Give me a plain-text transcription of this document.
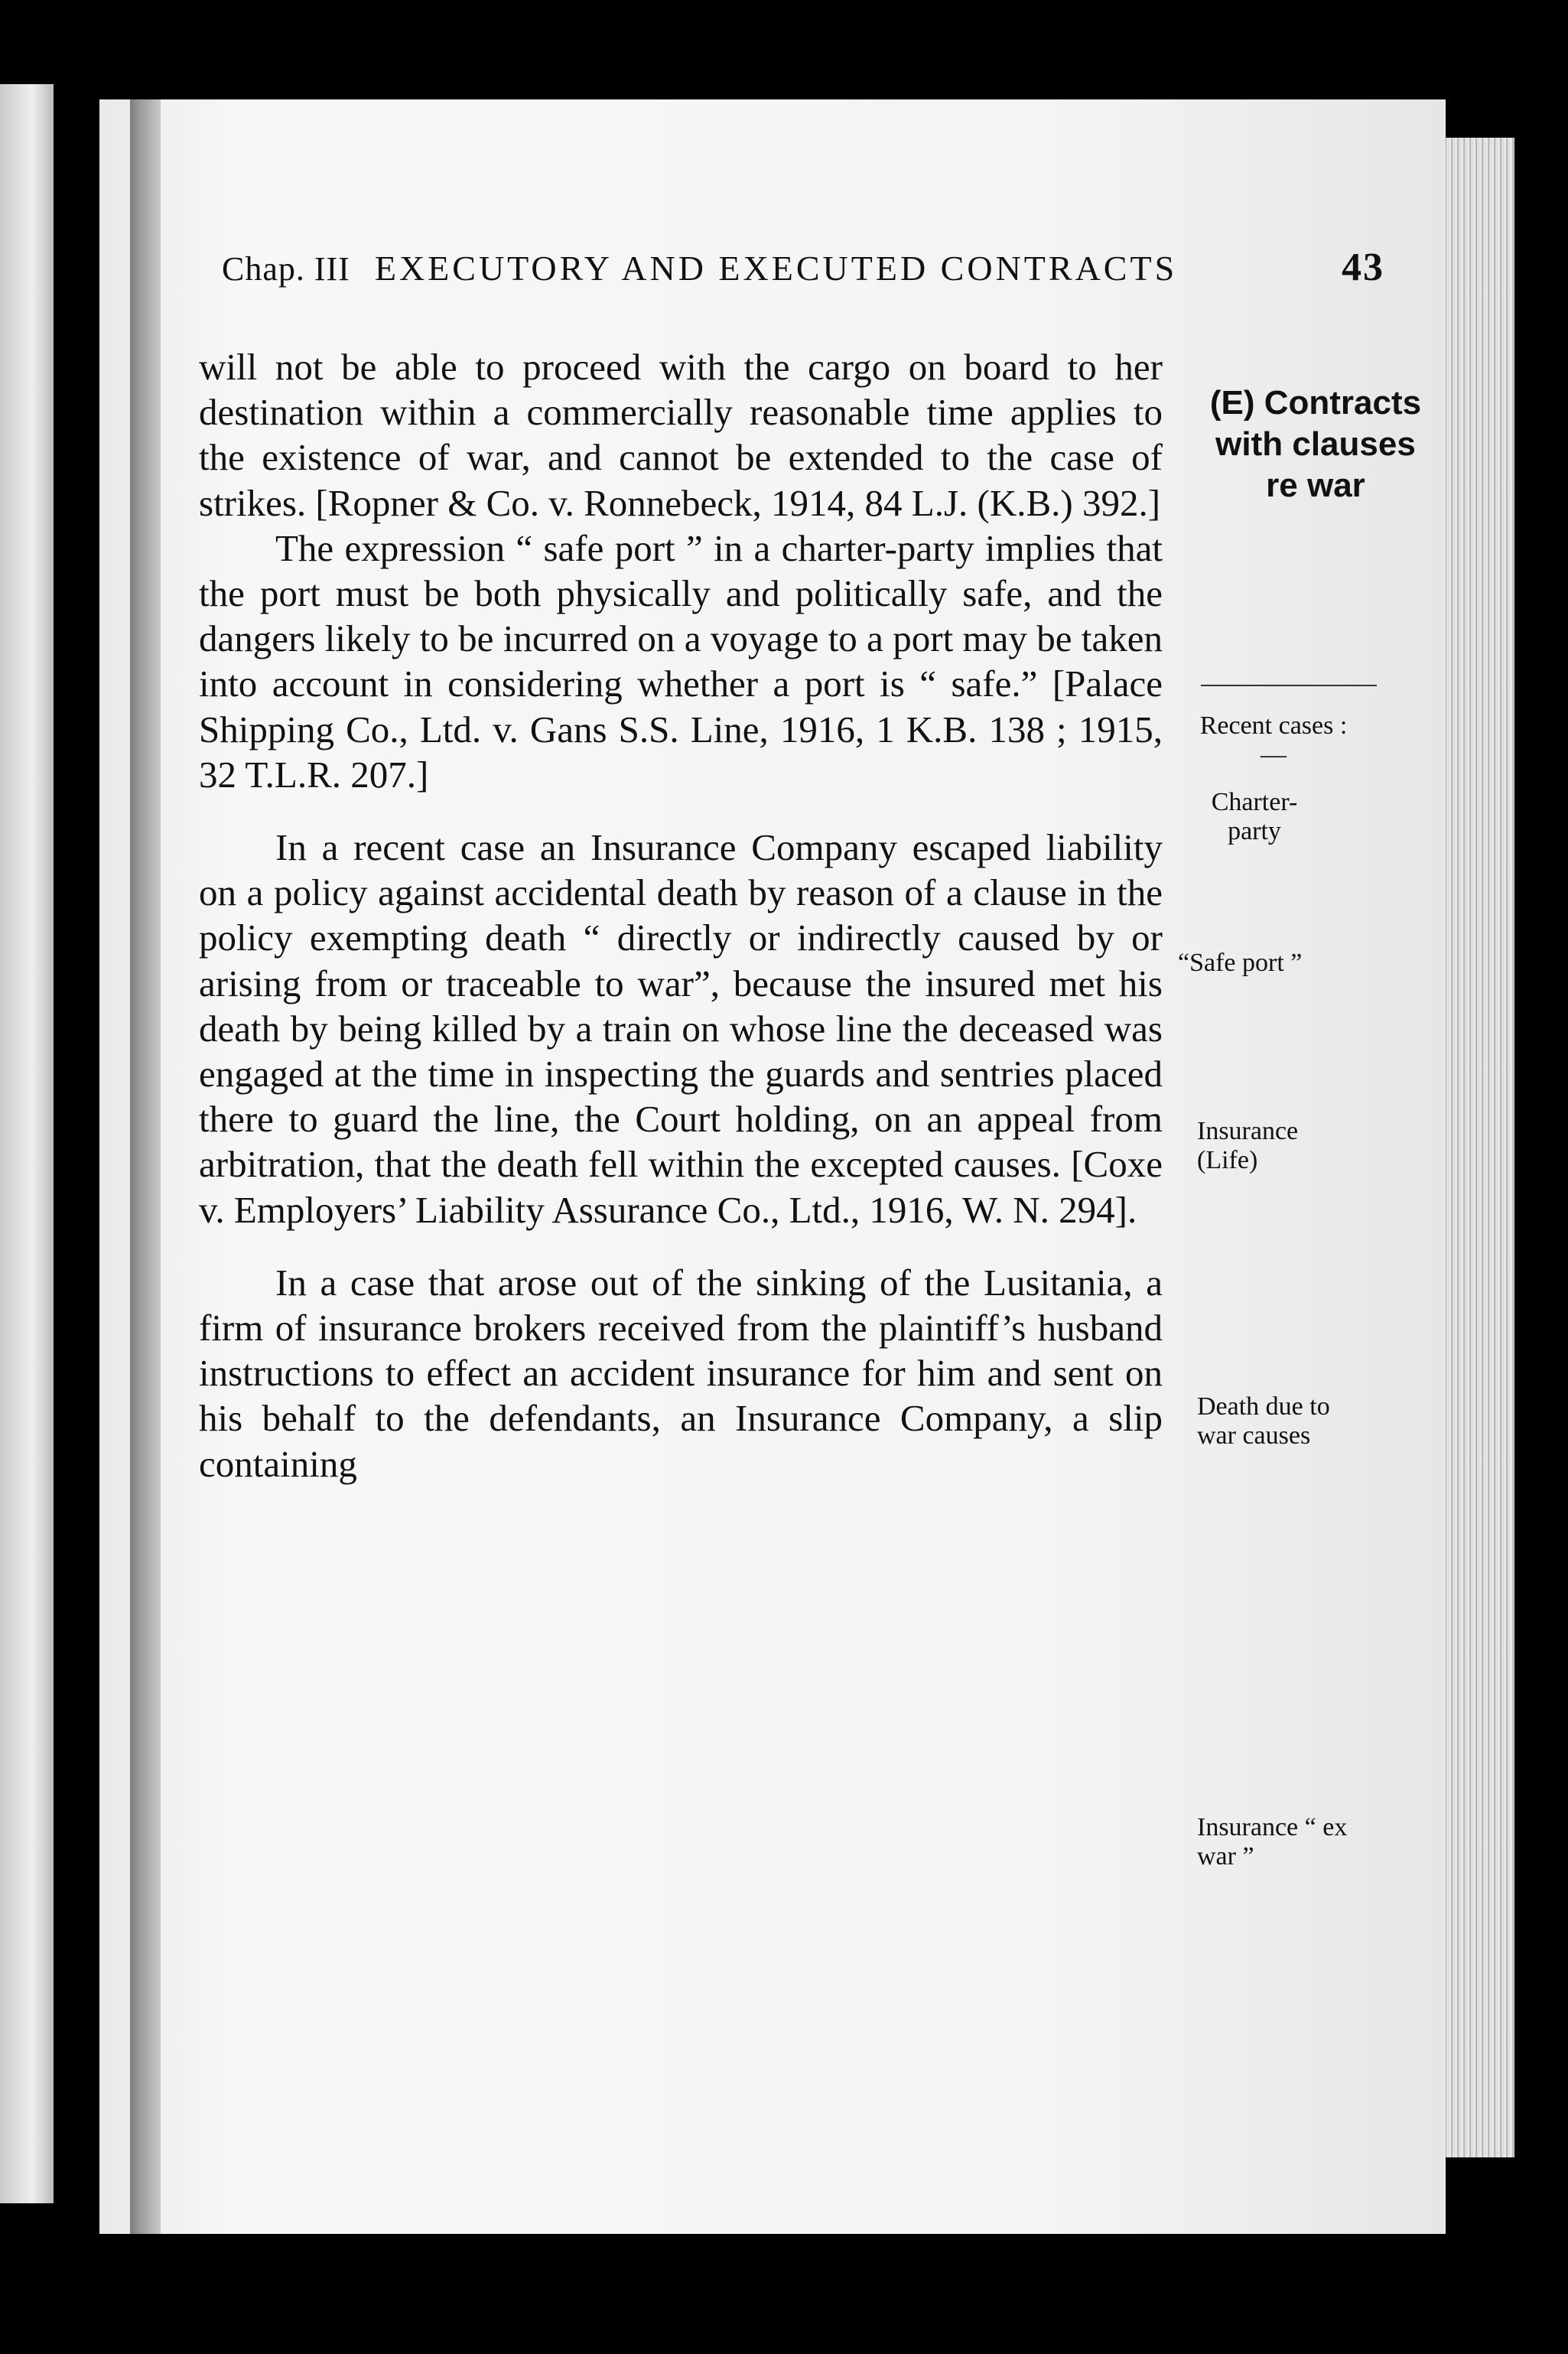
Chap. III EXECUTORY AND EXECUTED CONTRACTS	43

will not be able to proceed with the cargo on board to her destination within a commercially reasonable time applies to the existence of war, and cannot be extended to the case of strikes. [Ropner & Co. v. Ronnebeck, 1914, 84 L.J. (K.B.) 392.]

The expression “ safe port ” in a charter-party implies that the port must be both physically and politically safe, and the dangers likely to be incurred on a voyage to a port may be taken into account in considering whether a port is “ safe.” [Palace Shipping Co., Ltd. v. Gans S.S. Line, 1916, 1 K.B. 138 ; 1915, 32 T.L.R. 207.]

In a recent case an Insurance Company escaped liability on a policy against accidental death by reason of a clause in the policy exempting death “ directly or indirectly caused by or arising from or traceable to war”, because the insured met his death by being killed by a train on whose line the deceased was engaged at the time in inspecting the guards and sentries placed there to guard the line, the Court holding, on an appeal from arbitration, that the death fell within the excepted causes. [Coxe v. Employers’ Liability Assurance Co., Ltd., 1916, W. N. 294].

In a case that arose out of the sinking of the Lusitania, a firm of insurance brokers received from the plaintiff’s husband instructions to effect an accident insurance for him and sent on his behalf to the defendants, an Insurance Company, a slip containing

(E) Contracts with clauses re war
Recent cases :—
Charter-party
“Safe port ”
Insurance (Life)
Death due to war causes
Insurance “ ex war ”
